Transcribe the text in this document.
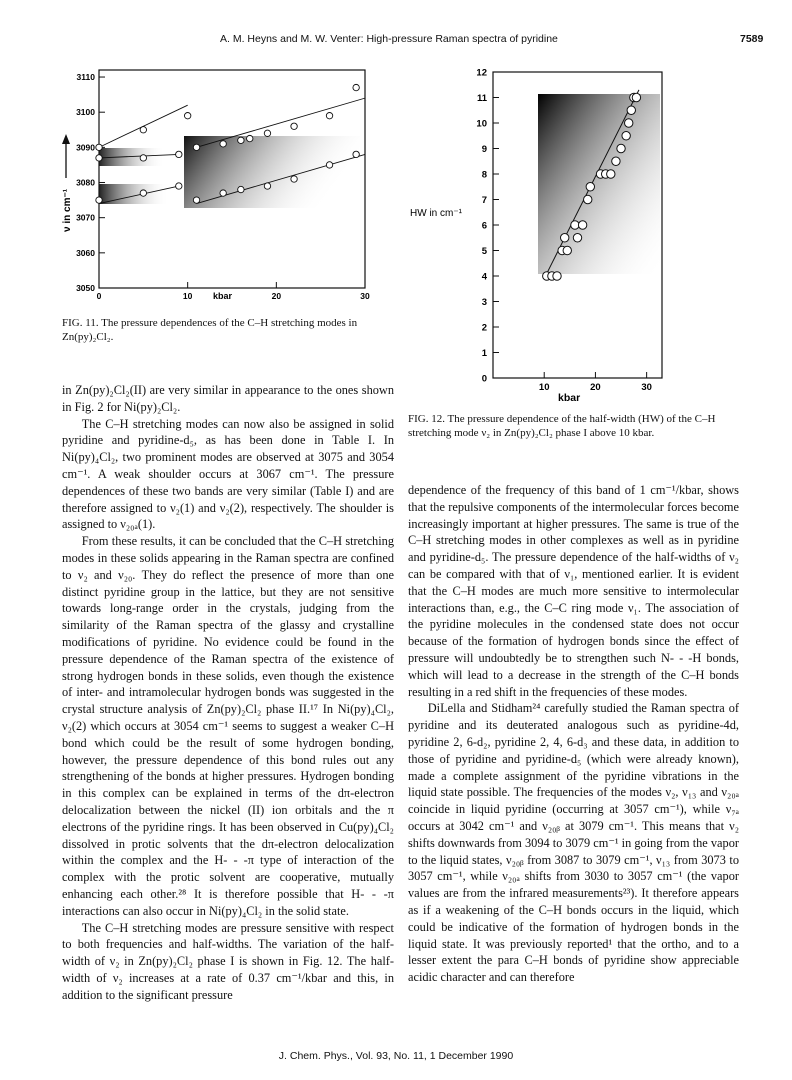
A. M. Heyns and M. W. Venter: High-pressure Raman spectra of pyridine	7589
0	10	20	30
3050
3060
3070
3080
3090
3100
3110
ν in cm⁻¹
kbar
10	20	30
0
1
2
3
4
5
6
7
8
9
10
11
12
HW in cm⁻¹
kbar
FIG. 11. The pressure dependences of the C–H stretching modes in Zn(py)₂Cl₂.
FIG. 12. The pressure dependence of the half-width (HW) of the C–H stretching mode ν₂ in Zn(py)₂Cl₂ phase I above 10 kbar.

in Zn(py)₂Cl₂(II) are very similar in appearance to the ones shown in Fig. 2 for Ni(py)₂Cl₂.

The C–H stretching modes can now also be assigned in solid pyridine and pyridine-d₅, as has been done in Table I. In Ni(py)₄Cl₂, two prominent modes are observed at 3075 and 3054 cm⁻¹. A weak shoulder occurs at 3067 cm⁻¹. The pressure dependences of these two bands are very similar (Table I) and are therefore assigned to ν₂(1) and ν₂(2), respectively. The shoulder is assigned to ν₂₀ₐ(1).

From these results, it can be concluded that the C–H stretching modes in these solids appearing in the Raman spectra are confined to ν₂ and ν₂₀. They do reflect the presence of more than one distinct pyridine group in the lattice, but they are not sensitive towards long-range order in the crystals, judging from the similarity of the Raman spectra of the glassy and crystalline modifications of pyridine. No evidence could be found in the pressure dependence of the Raman spectra of the existence of strong hydrogen bonds in these solids, even though the existence of inter- and intramolecular hydrogen bonds was suggested in the crystal structure analysis of Zn(py)₂Cl₂ phase II.¹⁷ In Ni(py)₄Cl₂, ν₂(2) which occurs at 3054 cm⁻¹ seems to suggest a weaker C–H bond which could be the result of some hydrogen bonding, however, the pressure dependence of this bond rules out any strengthening of the bonds at higher pressures. Hydrogen bonding in this complex can be explained in terms of the dπ-electron delocalization between the nickel (II) ion orbitals and the π electrons of the pyridine rings. It has been observed in Cu(py)₄Cl₂ dissolved in protic solvents that the dπ-electron delocalization within the complex and the H- - -π type of interaction of the complex with the protic solvent are cooperative, mutually enhancing each other.²⁸ It is therefore possible that H- - -π interactions can also occur in Ni(py)₄Cl₂ in the solid state.

The C–H stretching modes are pressure sensitive with respect to both frequencies and half-widths. The variation of the half-width of ν₂ in Zn(py)₂Cl₂ phase I is shown in Fig. 12. The half-width of ν₂ increases at a rate of 0.37 cm⁻¹/kbar and this, in addition to the significant pressure

dependence of the frequency of this band of 1 cm⁻¹/kbar, shows that the repulsive components of the intermolecular forces become increasingly important at higher pressures. The same is true of the C–H stretching modes in other complexes as well as in pyridine and pyridine-d₅. The pressure dependence of the half-widths of ν₂ can be compared with that of ν₁, mentioned earlier. It is evident that the C–H modes are much more sensitive to intermolecular interactions than, e.g., the C–C ring mode ν₁. The association of the pyridine molecules in the condensed state does not occur because of the formation of hydrogen bonds since the effect of pressure will undoubtedly be to strengthen such N- - -H bonds, which will lead to a decrease in the strength of the C–H bonds resulting in a red shift in the frequencies of these modes.

DiLella and Stidham²⁴ carefully studied the Raman spectra of pyridine and its deuterated analogous such as pyridine-4d, pyridine 2, 6-d₂, pyridine 2, 4, 6-d₃ and these data, in addition to those of pyridine and pyridine-d₅ (which were already known), made a complete assignment of the pyridine vibrations in the liquid state possible. The frequencies of the modes ν₂, ν₁₃ and ν₂₀ₐ coincide in liquid pyridine (occurring at 3057 cm⁻¹), while ν₇ₐ occurs at 3042 cm⁻¹ and ν₂₀ᵦ at 3079 cm⁻¹. This means that ν₂ shifts downwards from 3094 to 3079 cm⁻¹ in going from the vapor to the liquid states, ν₂₀ᵦ from 3087 to 3079 cm⁻¹, ν₁₃ from 3073 to 3057 cm⁻¹, while ν₂₀ₐ shifts from 3030 to 3057 cm⁻¹ (the vapor values are from the infrared measurements²³). It therefore appears as if a weakening of the C–H bonds occurs in the liquid, which could be indicative of the formation of hydrogen bonds in the liquid state. It was previously reported¹ that the ortho, and to a lesser extent the para C–H bonds of pyridine show appreciable acidic character and can therefore

J. Chem. Phys., Vol. 93, No. 11, 1 December 1990
